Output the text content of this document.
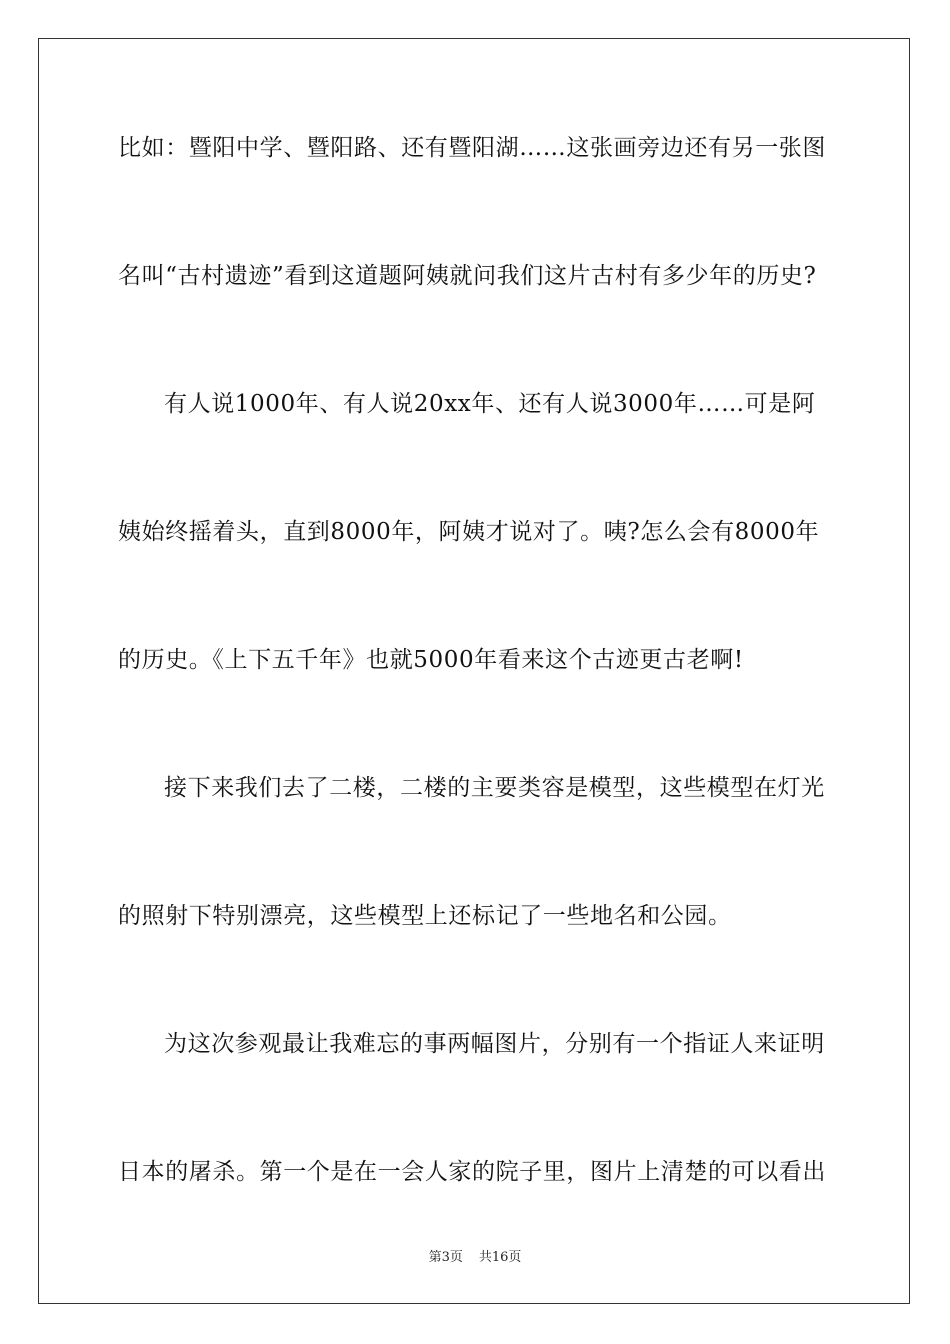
比如：暨阳中学、暨阳路、还有暨阳湖……这张画旁边还有另一张图
名叫“古村遗迹”看到这道题阿姨就问我们这片古村有多少年的历史?
有人说1000年、有人说20xx年、还有人说3000年……可是阿
姨始终摇着头，直到8000年，阿姨才说对了。咦?怎么会有8000年
的历史。《上下五千年》也就5000年看来这个古迹更古老啊!
接下来我们去了二楼，二楼的主要类容是模型，这些模型在灯光
的照射下特别漂亮，这些模型上还标记了一些地名和公园。
为这次参观最让我难忘的事两幅图片，分别有一个指证人来证明
日本的屠杀。第一个是在一会人家的院子里，图片上清楚的可以看出
第3页 共16页
